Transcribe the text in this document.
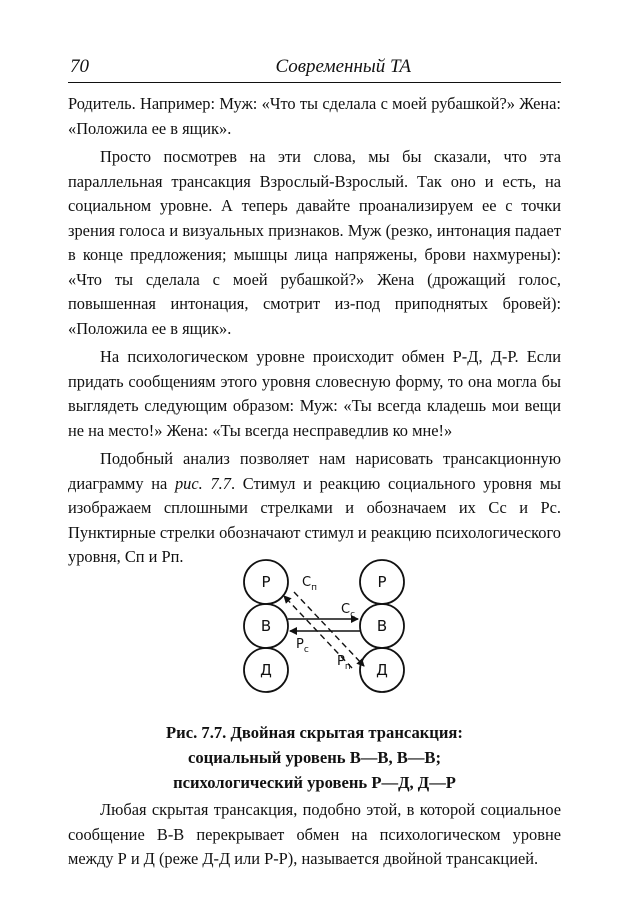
70	Современный ТА

Родитель. Например: Муж: «Что ты сделала с моей рубашкой?» Жена: «Положила ее в ящик».

Просто посмотрев на эти слова, мы бы сказали, что эта параллельная трансакция Взрослый-Взрослый. Так оно и есть, на социальном уровне. А теперь давайте проанализируем ее с точки зрения голоса и визуальных признаков. Муж (резко, интонация падает в конце предложения; мышцы лица напряжены, брови нахмурены): «Что ты сделала с моей рубашкой?» Жена (дрожащий голос, повышенная интонация, смотрит из-под приподнятых бровей): «Положила ее в ящик».

На психологическом уровне происходит обмен Р-Д, Д-Р. Если придать сообщениям этого уровня словесную форму, то она могла бы выглядеть следующим образом: Муж: «Ты всегда кладешь мои вещи не на место!» Жена: «Ты всегда несправедлив ко мне!»

Подобный анализ позволяет нам нарисовать трансакционную диаграмму на рис. 7.7. Стимул и реакцию социального уровня мы изображаем сплошными стрелками и обозначаем их Сс и Рс. Пунктирные стрелки обозначают стимул и реакцию психологического уровня, Сп и Рп.

Р
В
Д
Р
В
Д
$С_п$
$С_с$
$Р_с$
$Р_п$
Рис. 7.7. Двойная скрытая трансакция:
социальный уровень В—В, В—В;
психологический уровень Р—Д, Д—Р

Любая скрытая трансакция, подобно этой, в которой социальное сообщение В-В перекрывает обмен на психологическом уровне между Р и Д (реже Д-Д или Р-Р), называется двойной трансакцией.
